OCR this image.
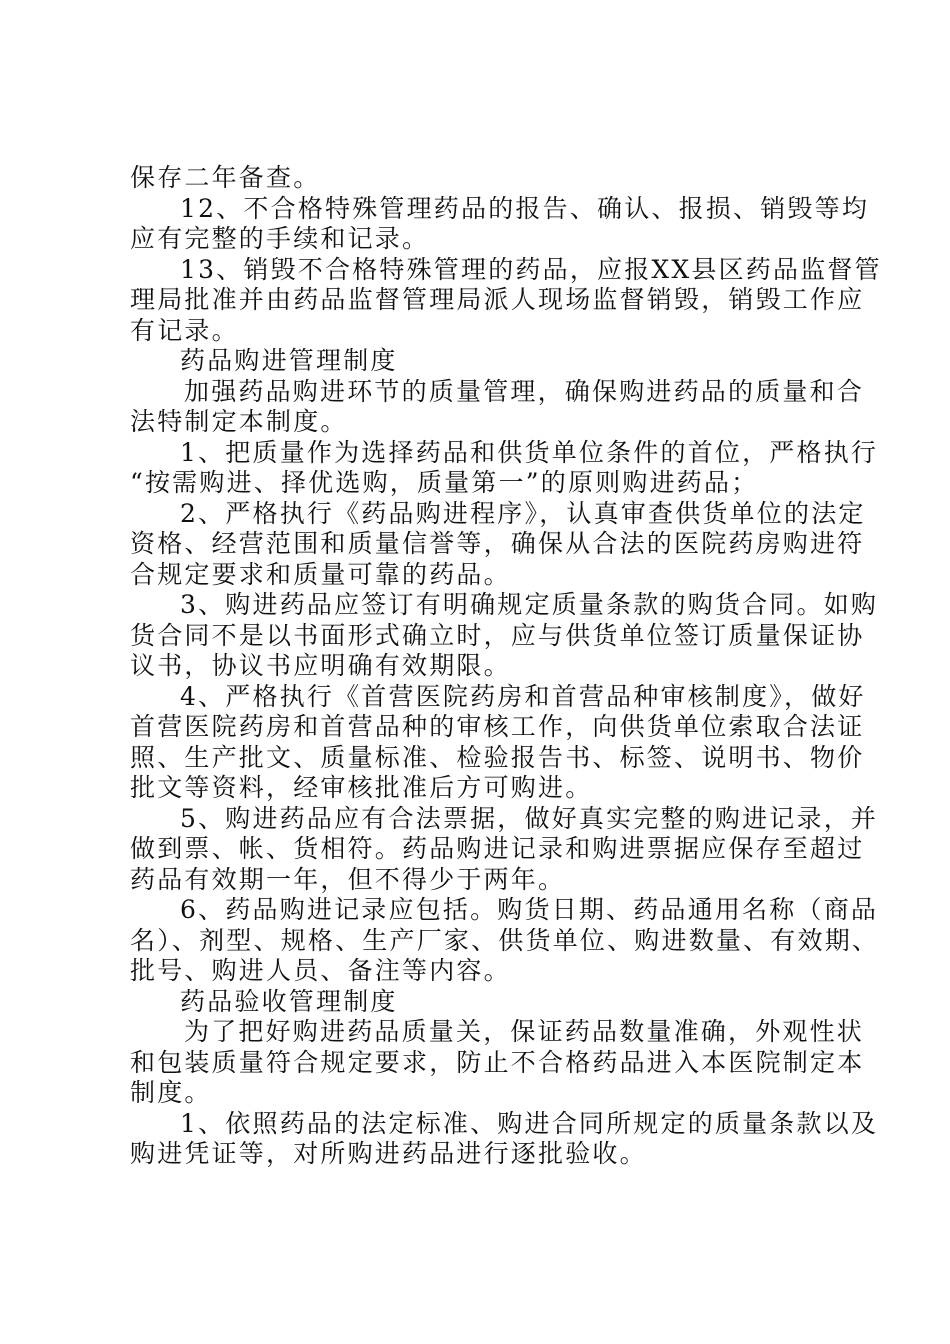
保存二年备查。
12、不合格特殊管理药品的报告、确认、报损、销毁等均
应有完整的手续和记录。
13、销毁不合格特殊管理的药品，应报XX县区药品监督管
理局批准并由药品监督管理局派人现场监督销毁，销毁工作应
有记录。
药品购进管理制度
加强药品购进环节的质量管理，确保购进药品的质量和合
法特制定本制度。
1、把质量作为选择药品和供货单位条件的首位，严格执行
“按需购进、择优选购，质量第一”的原则购进药品；
2、严格执行《药品购进程序》，认真审查供货单位的法定
资格、经营范围和质量信誉等，确保从合法的医院药房购进符
合规定要求和质量可靠的药品。
3、购进药品应签订有明确规定质量条款的购货合同。如购
货合同不是以书面形式确立时，应与供货单位签订质量保证协
议书，协议书应明确有效期限。
4、严格执行《首营医院药房和首营品种审核制度》，做好
首营医院药房和首营品种的审核工作，向供货单位索取合法证
照、生产批文、质量标准、检验报告书、标签、说明书、物价
批文等资料，经审核批准后方可购进。
5、购进药品应有合法票据，做好真实完整的购进记录，并
做到票、帐、货相符。药品购进记录和购进票据应保存至超过
药品有效期一年，但不得少于两年。
6、药品购进记录应包括。购货日期、药品通用名称（商品
名）、剂型、规格、生产厂家、供货单位、购进数量、有效期、
批号、购进人员、备注等内容。
药品验收管理制度
为了把好购进药品质量关，保证药品数量准确，外观性状
和包装质量符合规定要求，防止不合格药品进入本医院制定本
制度。
1、依照药品的法定标准、购进合同所规定的质量条款以及
购进凭证等，对所购进药品进行逐批验收。
